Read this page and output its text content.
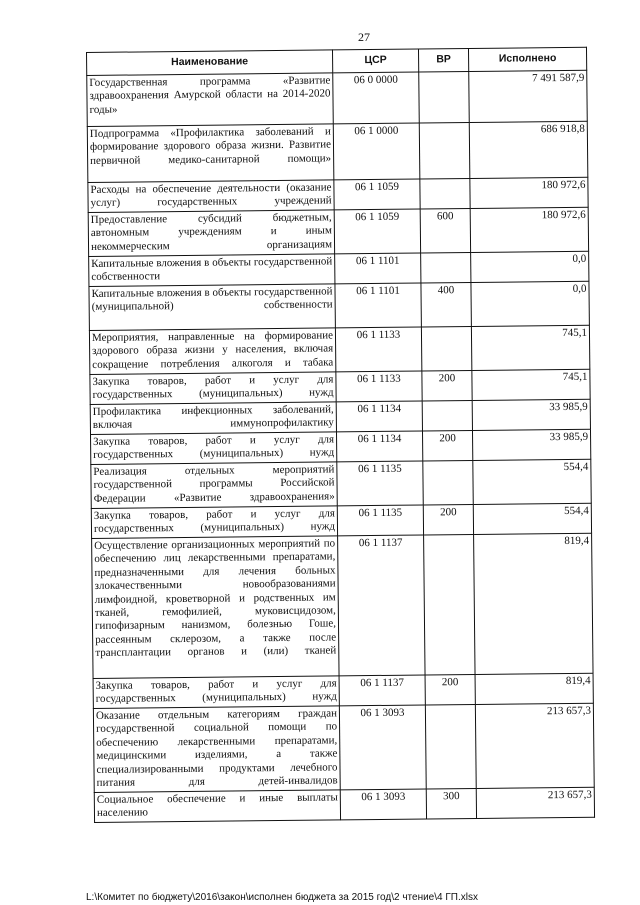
27
Наименование	ЦСР	ВР	Исполнено
Государственная программа «Развитие здравоохранения Амурской области на 2014-2020 годы»	06 0 0000		7 491 587,9
Подпрограмма «Профилактика заболеваний и формирование здорового образа жизни. Развитие первичной медико-санитарной помощи»	06 1 0000		686 918,8
Расходы на обеспечение деятельности (оказание услуг) государственных учреждений	06 1 1059		180 972,6
Предоставление субсидий бюджетным, автономным учреждениям и иным некоммерческим организациям	06 1 1059	600	180 972,6
Капитальные вложения в объекты государственной собственности	06 1 1101		0,0
Капитальные вложения в объекты государственной (муниципальной) собственности	06 1 1101	400	0,0
Мероприятия, направленные на формирование здорового образа жизни у населения, включая сокращение потребления алкоголя и табака	06 1 1133		745,1
Закупка товаров, работ и услуг для государственных (муниципальных) нужд	06 1 1133	200	745,1
Профилактика инфекционных заболеваний, включая иммунопрофилактику	06 1 1134		33 985,9
Закупка товаров, работ и услуг для государственных (муниципальных) нужд	06 1 1134	200	33 985,9
Реализация отдельных мероприятий государственной программы Российской Федерации «Развитие здравоохранения»	06 1 1135		554,4
Закупка товаров, работ и услуг для государственных (муниципальных) нужд	06 1 1135	200	554,4
Осуществление организационных мероприятий по обеспечению лиц лекарственными препаратами, предназначенными для лечения больных злокачественными новообразованиями лимфоидной, кроветворной и родственных им тканей, гемофилией, муковисцидозом, гипофизарным нанизмом, болезнью Гоше, рассеянным склерозом, а также после трансплантации органов и (или) тканей	06 1 1137		819,4
Закупка товаров, работ и услуг для государственных (муниципальных) нужд	06 1 1137	200	819,4
Оказание отдельным категориям граждан государственной социальной помощи по обеспечению лекарственными препаратами, медицинскими изделиями, а также специализированными продуктами лечебного питания для детей-инвалидов	06 1 3093		213 657,3
Социальное обеспечение и иные выплаты населению	06 1 3093	300	213 657,3
L:\Комитет по бюджету\2016\закон\исполнен бюджета за 2015 год\2 чтение\4 ГП.xlsx
